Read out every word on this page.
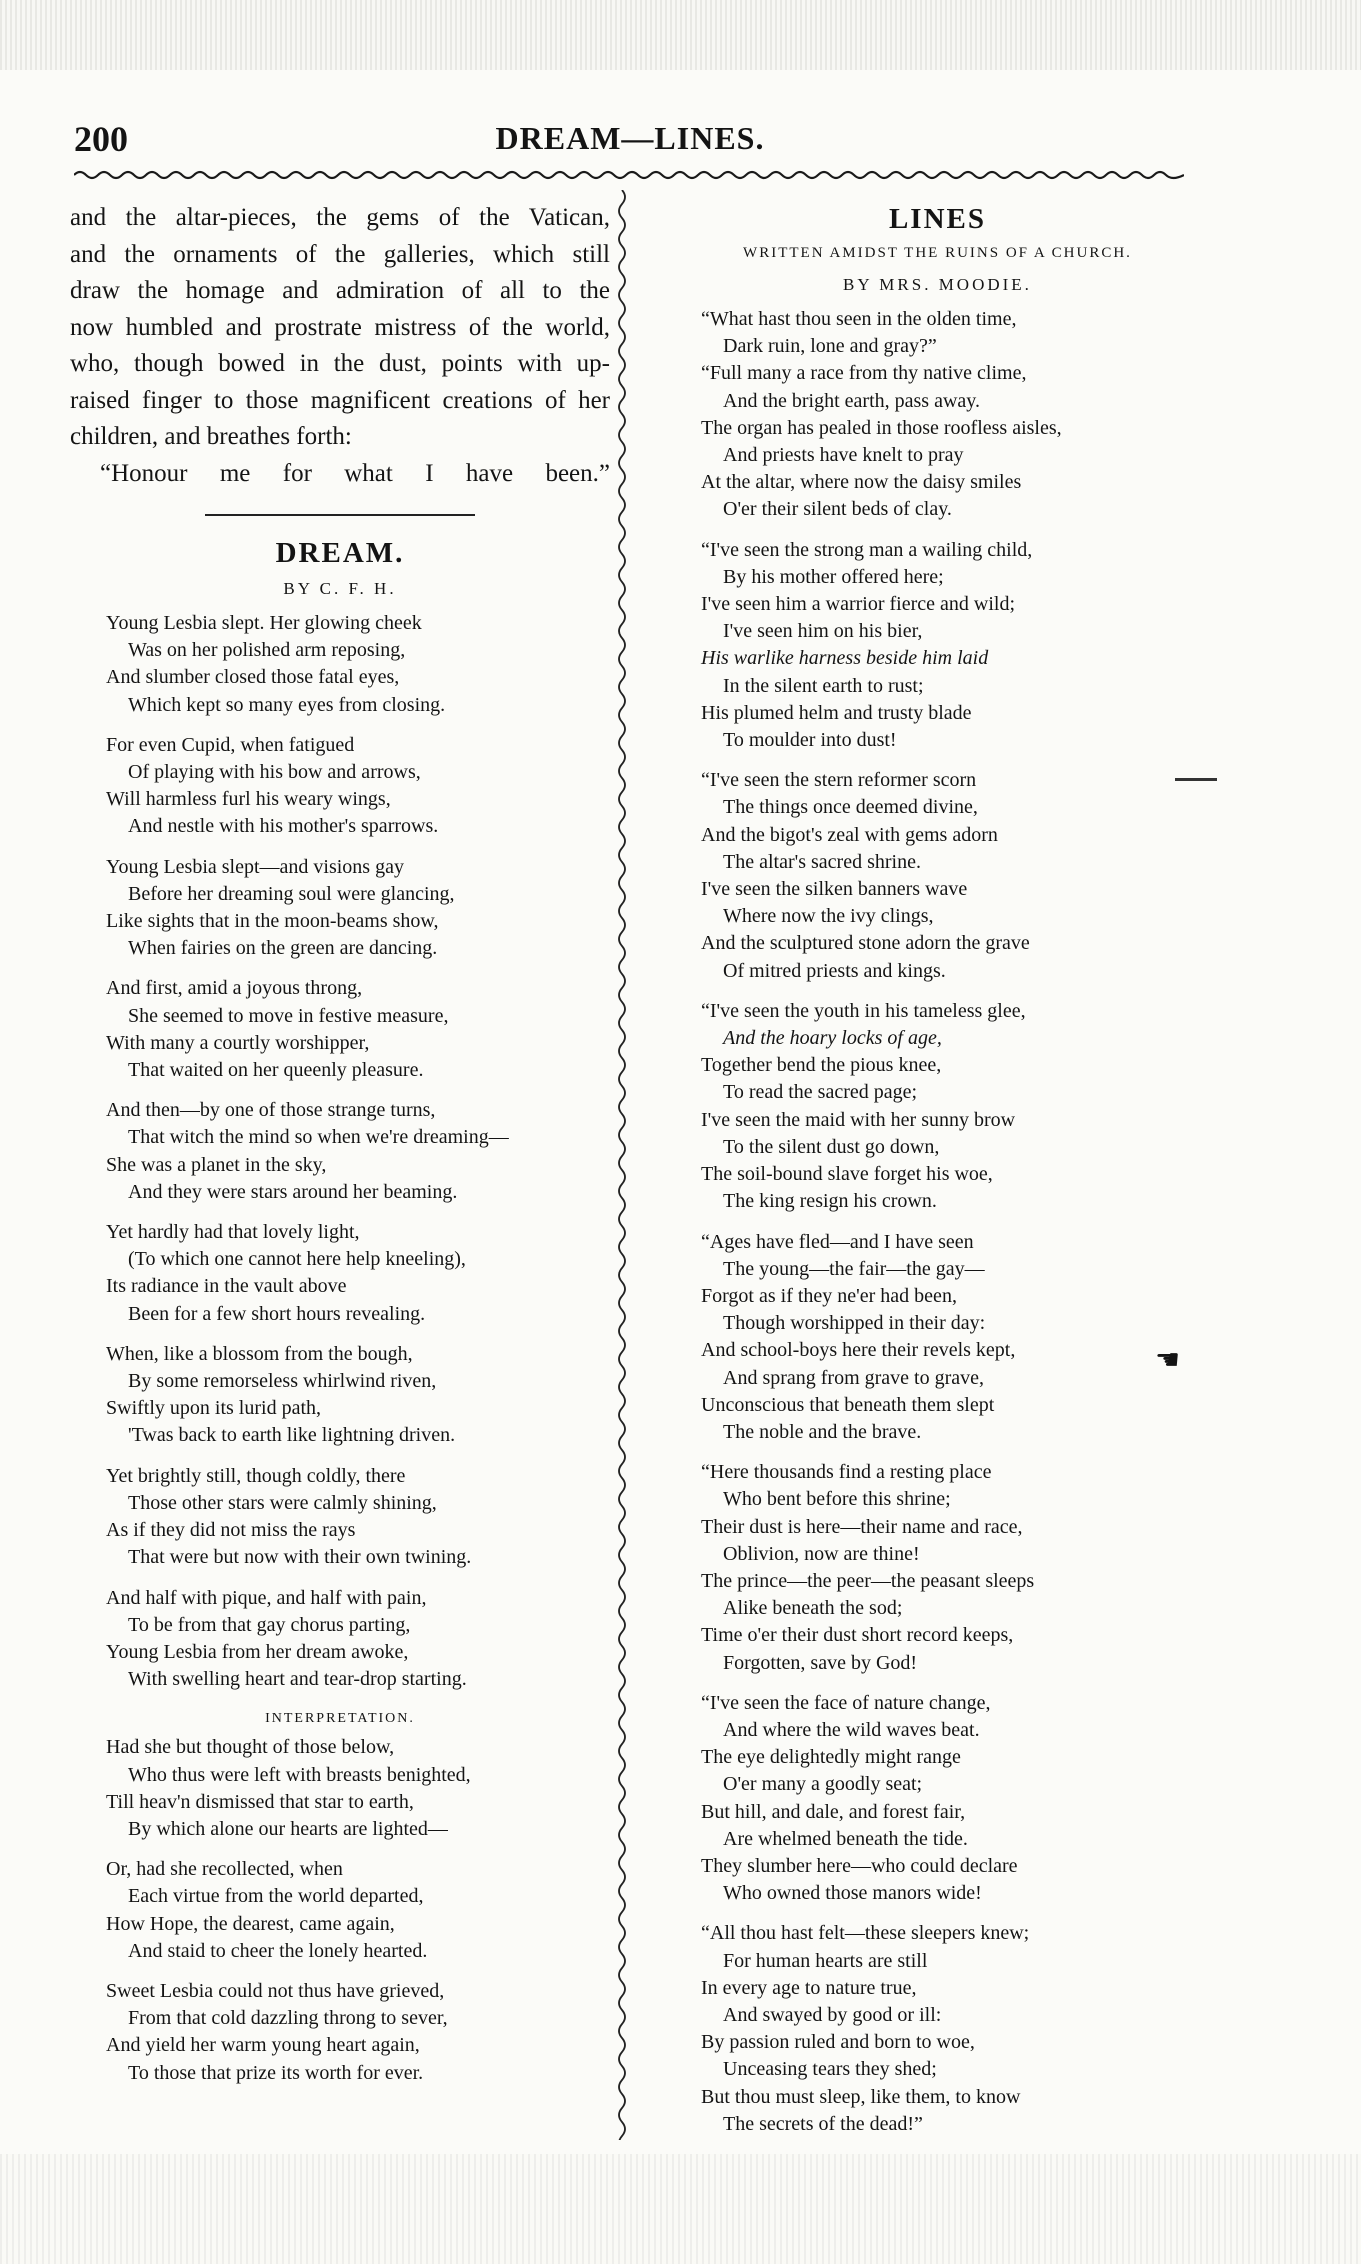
200	DREAM—LINES.

and the altar-pieces, the gems of the Vatican,

and the ornaments of the galleries, which still

draw the homage and admiration of all to the

now humbled and prostrate mistress of the world,

who, though bowed in the dust, points with up-

raised finger to those magnificent creations of her

children, and breathes forth:

“Honour me for what I have been.”

DREAM.
BY C. F. H.
Young Lesbia slept. Her glowing cheek
Was on her polished arm reposing,
And slumber closed those fatal eyes,
Which kept so many eyes from closing.
For even Cupid, when fatigued
Of playing with his bow and arrows,
Will harmless furl his weary wings,
And nestle with his mother's sparrows.
Young Lesbia slept—and visions gay
Before her dreaming soul were glancing,
Like sights that in the moon-beams show,
When fairies on the green are dancing.
And first, amid a joyous throng,
She seemed to move in festive measure,
With many a courtly worshipper,
That waited on her queenly pleasure.
And then—by one of those strange turns,
That witch the mind so when we're dreaming—
She was a planet in the sky,
And they were stars around her beaming.
Yet hardly had that lovely light,
(To which one cannot here help kneeling),
Its radiance in the vault above
Been for a few short hours revealing.
When, like a blossom from the bough,
By some remorseless whirlwind riven,
Swiftly upon its lurid path,
'Twas back to earth like lightning driven.
Yet brightly still, though coldly, there
Those other stars were calmly shining,
As if they did not miss the rays
That were but now with their own twining.
And half with pique, and half with pain,
To be from that gay chorus parting,
Young Lesbia from her dream awoke,
With swelling heart and tear-drop starting.
INTERPRETATION.
Had she but thought of those below,
Who thus were left with breasts benighted,
Till heav'n dismissed that star to earth,
By which alone our hearts are lighted—
Or, had she recollected, when
Each virtue from the world departed,
How Hope, the dearest, came again,
And staid to cheer the lonely hearted.
Sweet Lesbia could not thus have grieved,
From that cold dazzling throng to sever,
And yield her warm young heart again,
To those that prize its worth for ever.
LINES
WRITTEN AMIDST THE RUINS OF A CHURCH.
BY MRS. MOODIE.
“What hast thou seen in the olden time,
Dark ruin, lone and gray?”
“Full many a race from thy native clime,
And the bright earth, pass away.
The organ has pealed in those roofless aisles,
And priests have knelt to pray
At the altar, where now the daisy smiles
O'er their silent beds of clay.
“I've seen the strong man a wailing child,
By his mother offered here;
I've seen him a warrior fierce and wild;
I've seen him on his bier,
His warlike harness beside him laid
In the silent earth to rust;
His plumed helm and trusty blade
To moulder into dust!
“I've seen the stern reformer scorn
The things once deemed divine,
And the bigot's zeal with gems adorn
The altar's sacred shrine.
I've seen the silken banners wave
Where now the ivy clings,
And the sculptured stone adorn the grave
Of mitred priests and kings.
“I've seen the youth in his tameless glee,
And the hoary locks of age,
Together bend the pious knee,
To read the sacred page;
I've seen the maid with her sunny brow
To the silent dust go down,
The soil-bound slave forget his woe,
The king resign his crown.
“Ages have fled—and I have seen
The young—the fair—the gay—
Forgot as if they ne'er had been,
Though worshipped in their day:
And school-boys here their revels kept,
And sprang from grave to grave,
Unconscious that beneath them slept
The noble and the brave.
“Here thousands find a resting place
Who bent before this shrine;
Their dust is here—their name and race,
Oblivion, now are thine!
The prince—the peer—the peasant sleeps
Alike beneath the sod;
Time o'er their dust short record keeps,
Forgotten, save by God!
“I've seen the face of nature change,
And where the wild waves beat.
The eye delightedly might range
O'er many a goodly seat;
But hill, and dale, and forest fair,
Are whelmed beneath the tide.
They slumber here—who could declare
Who owned those manors wide!
“All thou hast felt—these sleepers knew;
For human hearts are still
In every age to nature true,
And swayed by good or ill:
By passion ruled and born to woe,
Unceasing tears they shed;
But thou must sleep, like them, to know
The secrets of the dead!”
☚
